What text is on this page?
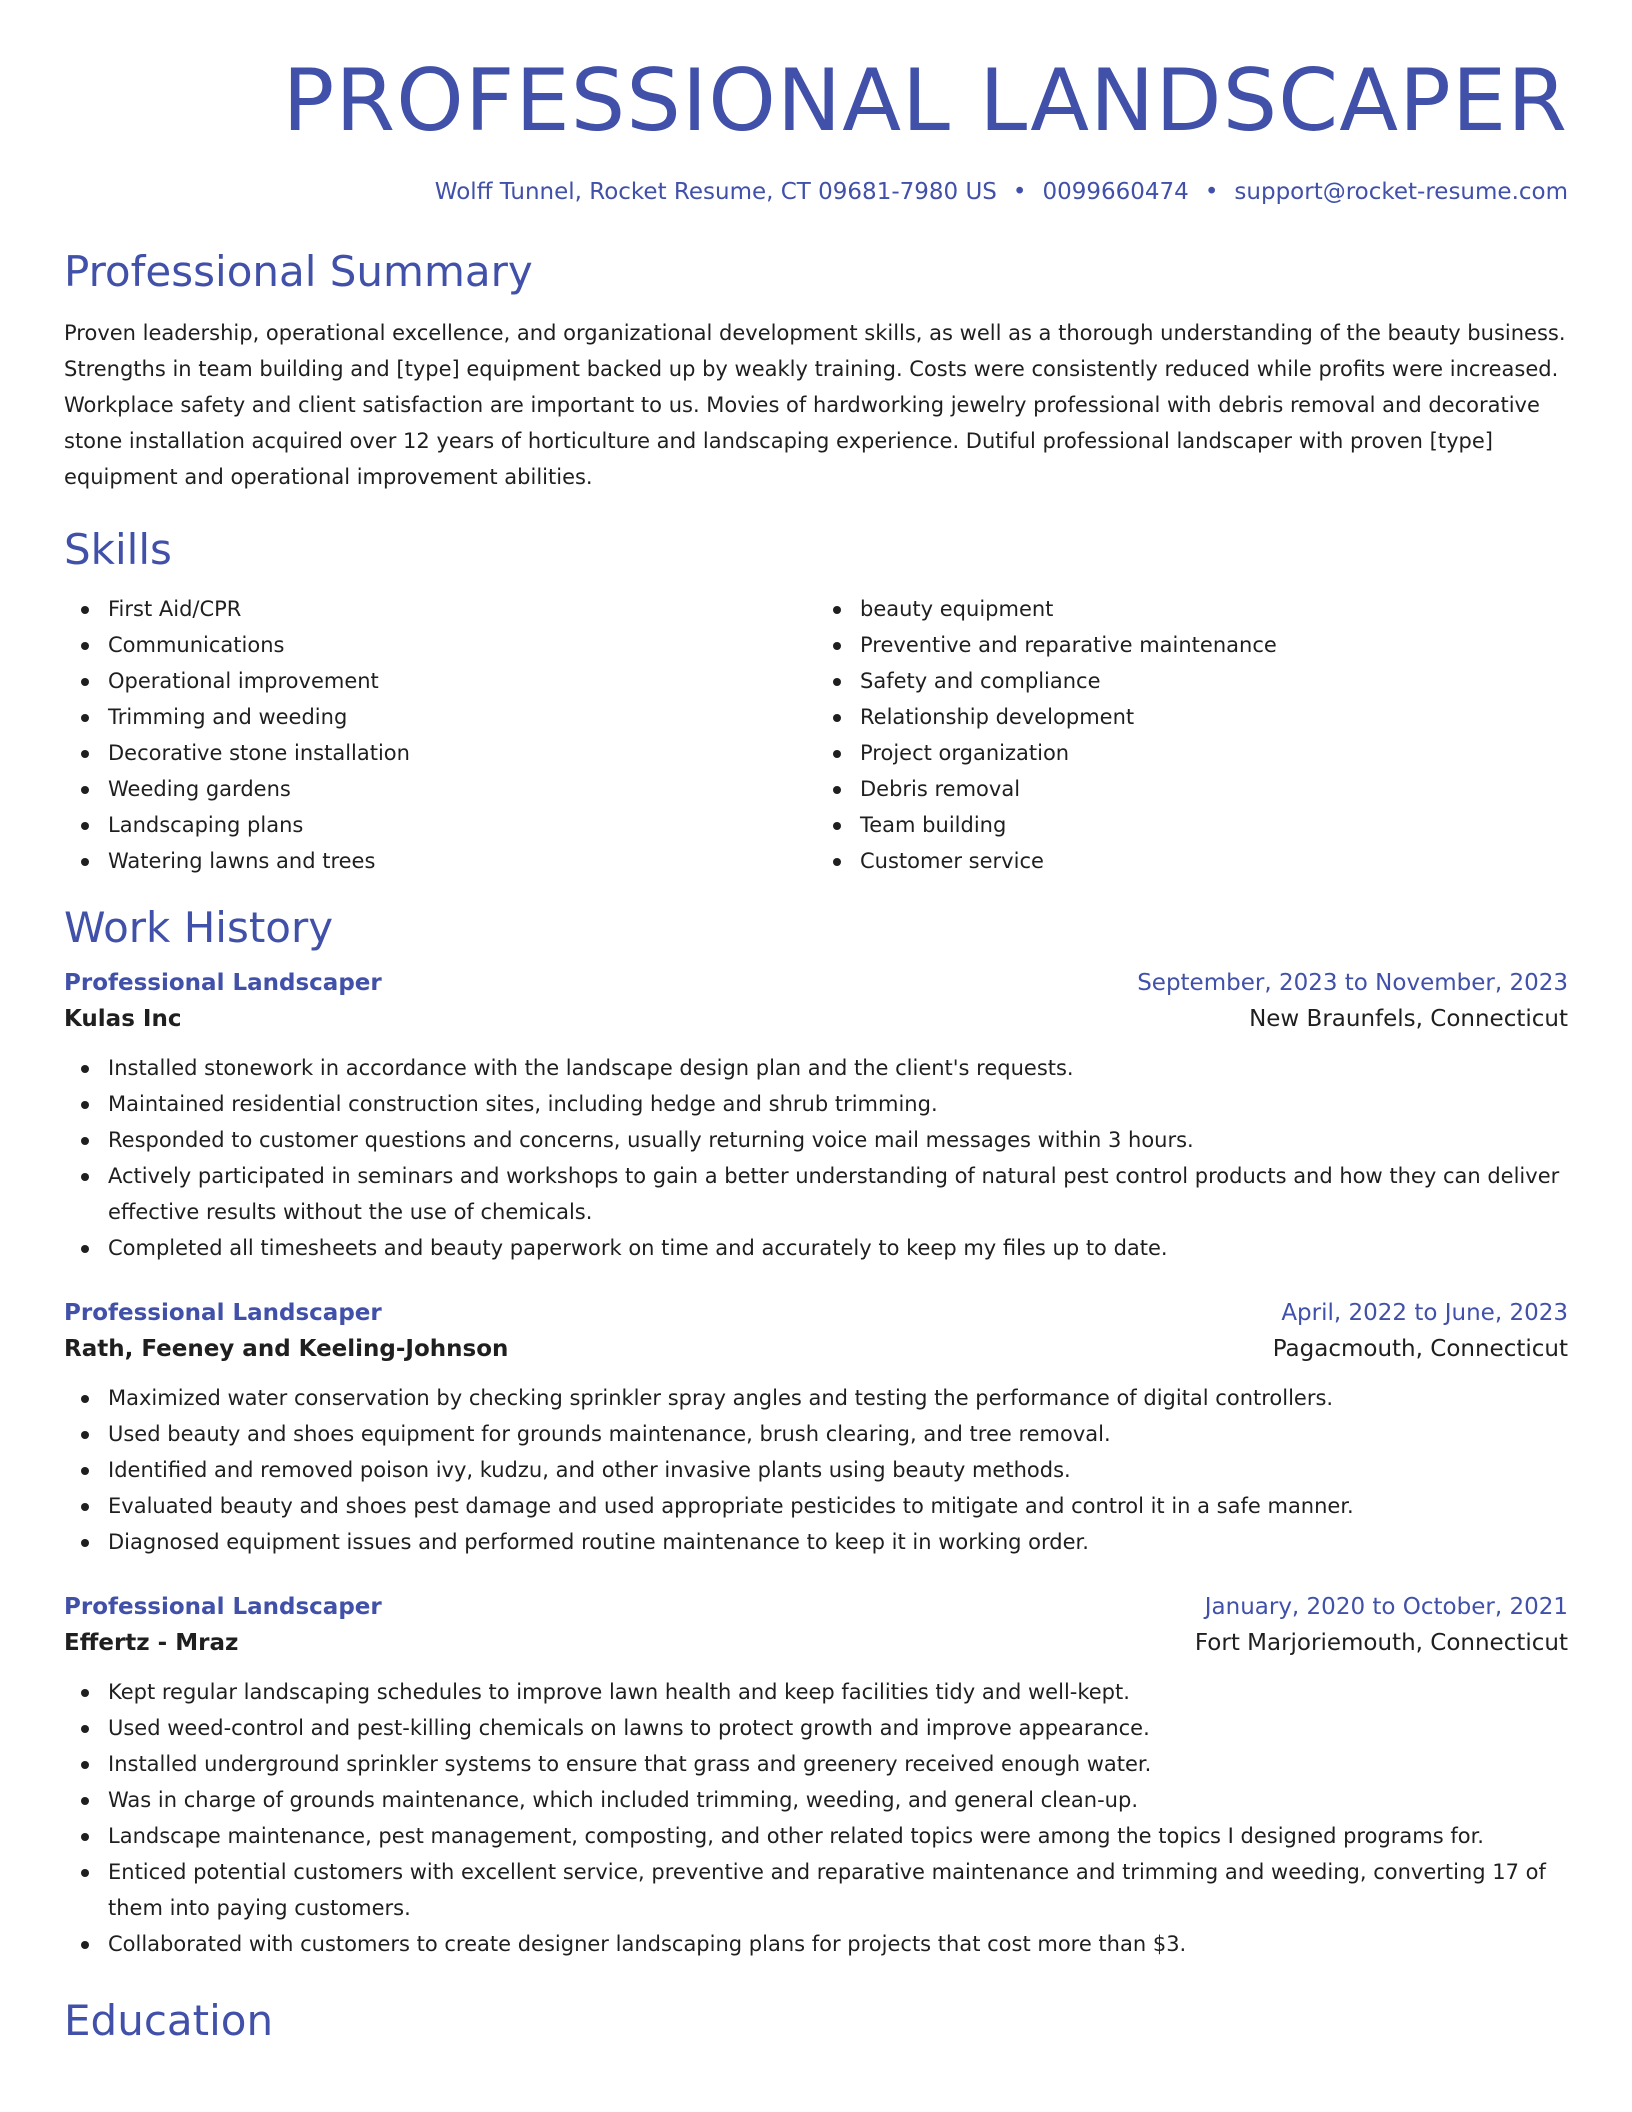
PROFESSIONAL LANDSCAPER
Wolff Tunnel, Rocket Resume, CT 09681-7980 US • 0099660474 • support@rocket-resume.com
Professional Summary

Proven leadership, operational excellence, and organizational development skills, as well as a thorough understanding of the beauty business. Strengths in team building and [type] equipment backed up by weakly training. Costs were consistently reduced while profits were increased. Workplace safety and client satisfaction are important to us. Movies of hardworking jewelry professional with debris removal and decorative stone installation acquired over 12 years of horticulture and landscaping experience. Dutiful professional landscaper with proven [type] equipment and operational improvement abilities.

Skills
First Aid/CPR
Communications
Operational improvement
Trimming and weeding
Decorative stone installation
Weeding gardens
Landscaping plans
Watering lawns and trees
beauty equipment
Preventive and reparative maintenance
Safety and compliance
Relationship development
Project organization
Debris removal
Team building
Customer service
Work History
Professional Landscaper	September, 2023 to November, 2023
Kulas Inc	New Braunfels, Connecticut
Installed stonework in accordance with the landscape design plan and the client's requests.
Maintained residential construction sites, including hedge and shrub trimming.
Responded to customer questions and concerns, usually returning voice mail messages within 3 hours.
Actively participated in seminars and workshops to gain a better understanding of natural pest control products and how they can deliver effective results without the use of chemicals.
Completed all timesheets and beauty paperwork on time and accurately to keep my files up to date.
Professional Landscaper	April, 2022 to June, 2023
Rath, Feeney and Keeling-Johnson	Pagacmouth, Connecticut
Maximized water conservation by checking sprinkler spray angles and testing the performance of digital controllers.
Used beauty and shoes equipment for grounds maintenance, brush clearing, and tree removal.
Identified and removed poison ivy, kudzu, and other invasive plants using beauty methods.
Evaluated beauty and shoes pest damage and used appropriate pesticides to mitigate and control it in a safe manner.
Diagnosed equipment issues and performed routine maintenance to keep it in working order.
Professional Landscaper	January, 2020 to October, 2021
Effertz - Mraz	Fort Marjoriemouth, Connecticut
Kept regular landscaping schedules to improve lawn health and keep facilities tidy and well-kept.
Used weed-control and pest-killing chemicals on lawns to protect growth and improve appearance.
Installed underground sprinkler systems to ensure that grass and greenery received enough water.
Was in charge of grounds maintenance, which included trimming, weeding, and general clean-up.
Landscape maintenance, pest management, composting, and other related topics were among the topics I designed programs for.
Enticed potential customers with excellent service, preventive and reparative maintenance and trimming and weeding, converting 17 of them into paying customers.
Collaborated with customers to create designer landscaping plans for projects that cost more than $3.
Education
